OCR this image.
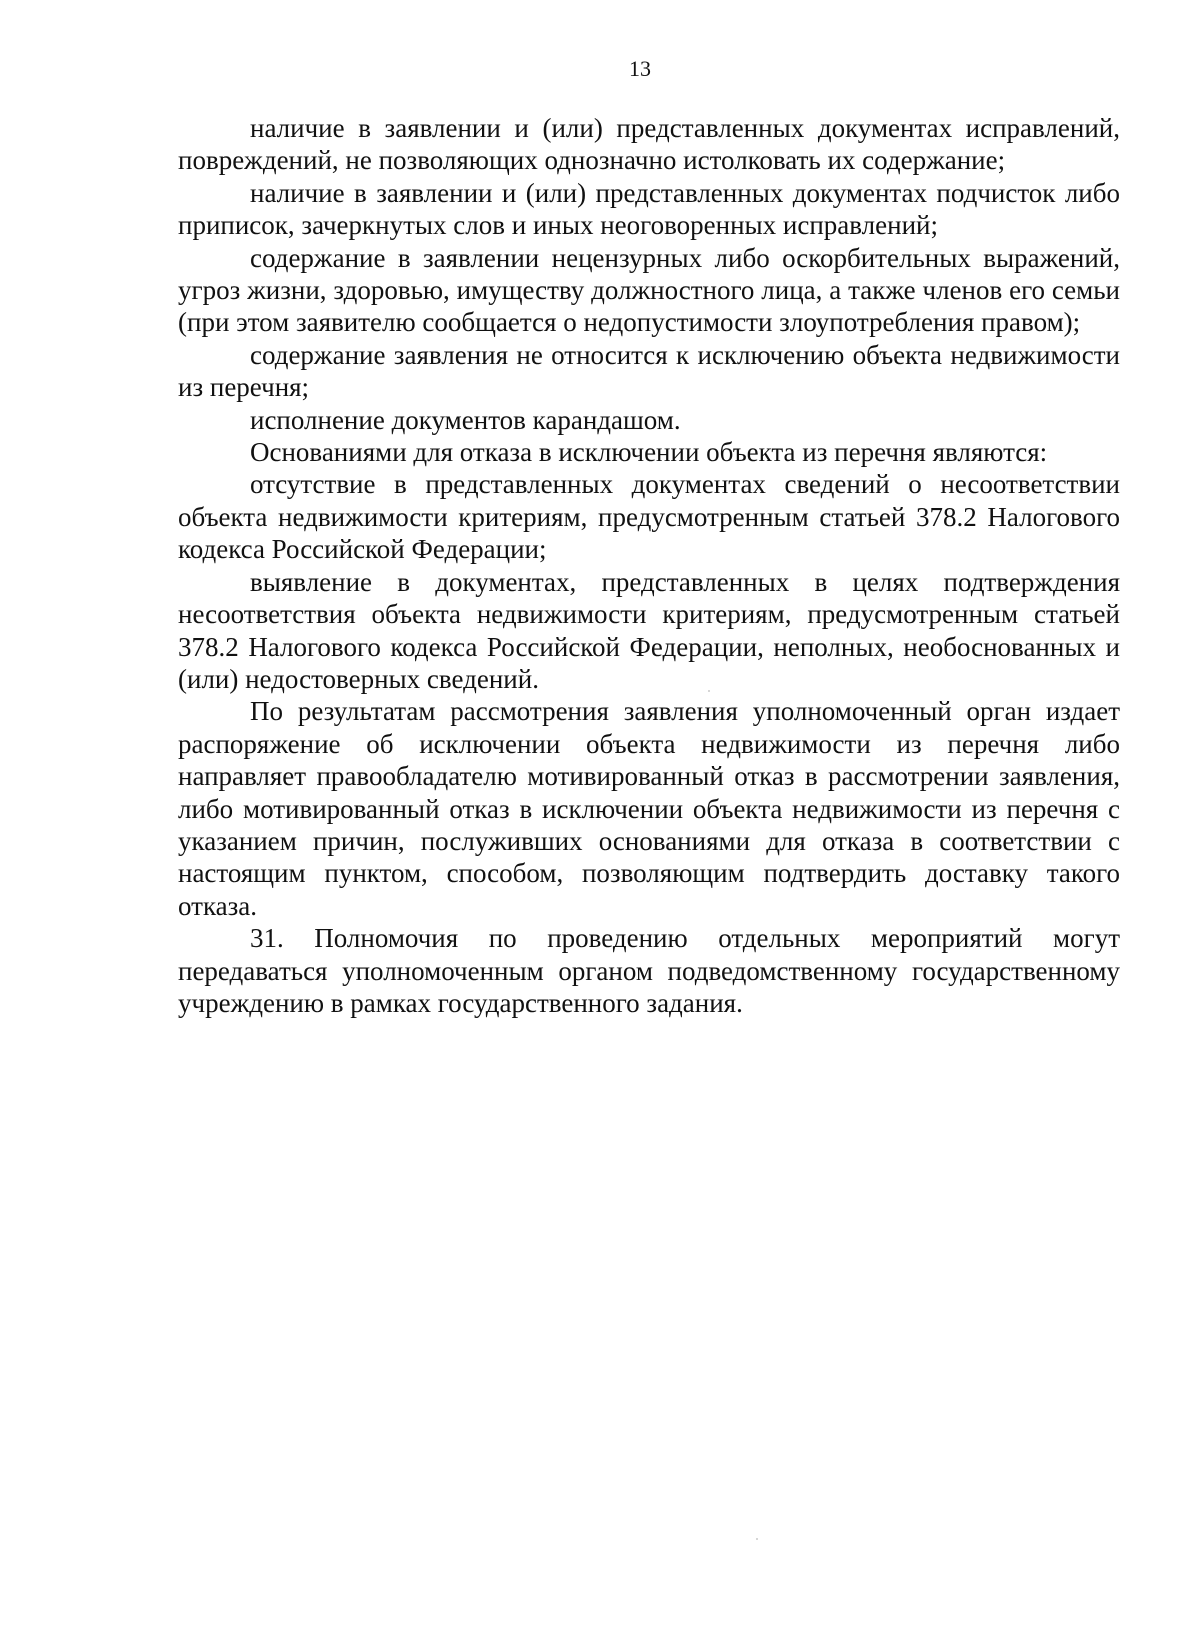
13

наличие в заявлении и (или) представленных документах исправлений, повреждений, не позволяющих однозначно истолковать их содержание;

наличие в заявлении и (или) представленных документах подчисток либо приписок, зачеркнутых слов и иных неоговоренных исправлений;

содержание в заявлении нецензурных либо оскорбительных выражений, угроз жизни, здоровью, имуществу должностного лица, а также членов его семьи (при этом заявителю сообщается о недопустимости злоупотребления правом);

содержание заявления не относится к исключению объекта недвижимости из перечня;

исполнение документов карандашом.

Основаниями для отказа в исключении объекта из перечня являются:

отсутствие в представленных документах сведений о несоответствии объекта недвижимости критериям, предусмотренным статьей 378.2 Налогового кодекса Российской Федерации;

выявление в документах, представленных в целях подтверждения несоответствия объекта недвижимости критериям, предусмотренным статьей 378.2 Налогового кодекса Российской Федерации, неполных, необоснованных и (или) недостоверных сведений.

По результатам рассмотрения заявления уполномоченный орган издает распоряжение об исключении объекта недвижимости из перечня либо направляет правообладателю мотивированный отказ в рассмотрении заявления, либо мотивированный отказ в исключении объекта недвижимости из перечня с указанием причин, послуживших основаниями для отказа в соответствии с настоящим пунктом, способом, позволяющим подтвердить доставку такого отказа.

31. Полномочия по проведению отдельных мероприятий могут передаваться уполномоченным органом подведомственному государственному учреждению в рамках государственного задания.
